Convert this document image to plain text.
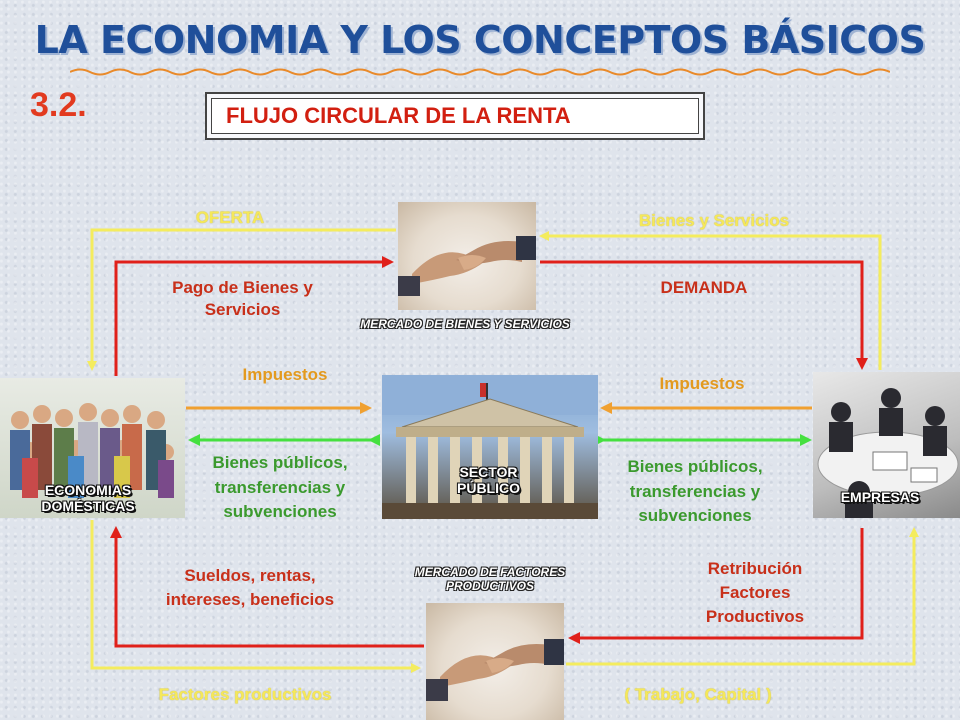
LA ECONOMIA Y LOS CONCEPTOS BÁSICOS
3.2.	FLUJO CIRCULAR DE LA RENTA
OFERTA	Bienes y Servicios
Pago de Bienes y Servicios
DEMANDA
Impuestos	Impuestos
Bienes públicos, transferencias y subvenciones
Bienes públicos, transferencias y subvenciones
Sueldos, rentas, intereses, beneficios
Retribución Factores Productivos
Factores productivos	( Trabajo, Capital )
MERCADO DE BIENES Y SERVICIOS
MERCADO DE FACTORES PRODUCTIVOS
ECONOMIAS DOMÉSTICAS
SECTOR PÚBLICO
EMPRESAS
